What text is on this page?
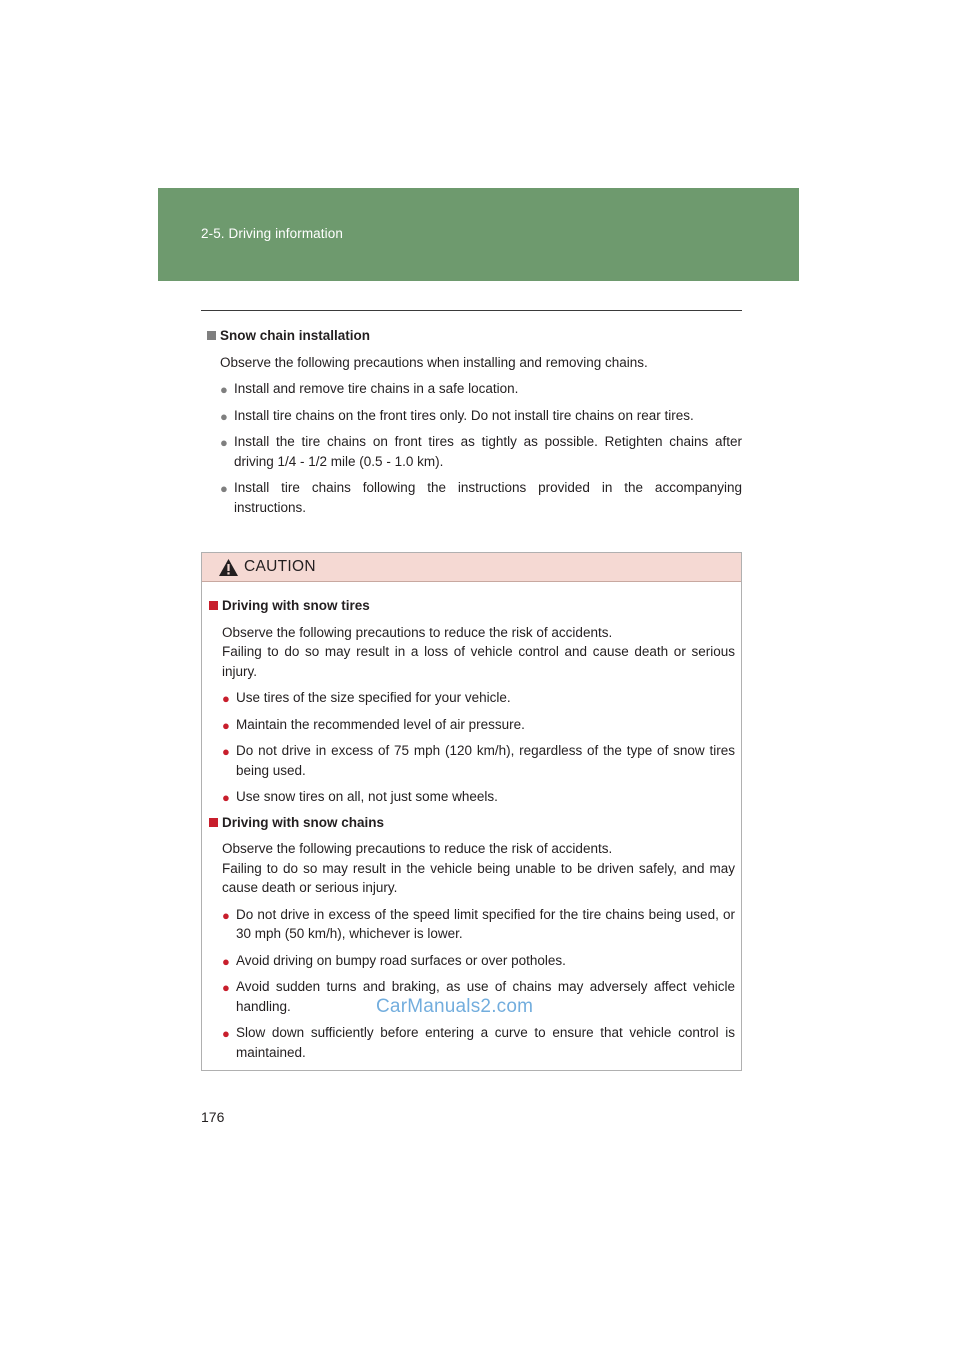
2-5. Driving information
Snow chain installation
Observe the following precautions when installing and removing chains.
● Install and remove tire chains in a safe location.
● Install tire chains on the front tires only. Do not install tire chains on rear tires.
● Install the tire chains on front tires as tightly as possible. Retighten chains after driving 1/4 - 1/2 mile (0.5 - 1.0 km).
● Install tire chains following the instructions provided in the accompanying instructions.
CAUTION
Driving with snow tires
Observe the following precautions to reduce the risk of accidents.
Failing to do so may result in a loss of vehicle control and cause death or serious injury.
● Use tires of the size specified for your vehicle.
● Maintain the recommended level of air pressure.
● Do not drive in excess of 75 mph (120 km/h), regardless of the type of snow tires being used.
● Use snow tires on all, not just some wheels.
Driving with snow chains
Observe the following precautions to reduce the risk of accidents.
Failing to do so may result in the vehicle being unable to be driven safely, and may cause death or serious injury.
● Do not drive in excess of the speed limit specified for the tire chains being used, or 30 mph (50 km/h), whichever is lower.
● Avoid driving on bumpy road surfaces or over potholes.
● Avoid sudden turns and braking, as use of chains may adversely affect vehicle handling.
● Slow down sufficiently before entering a curve to ensure that vehicle control is maintained.
CarManuals2.com
176
